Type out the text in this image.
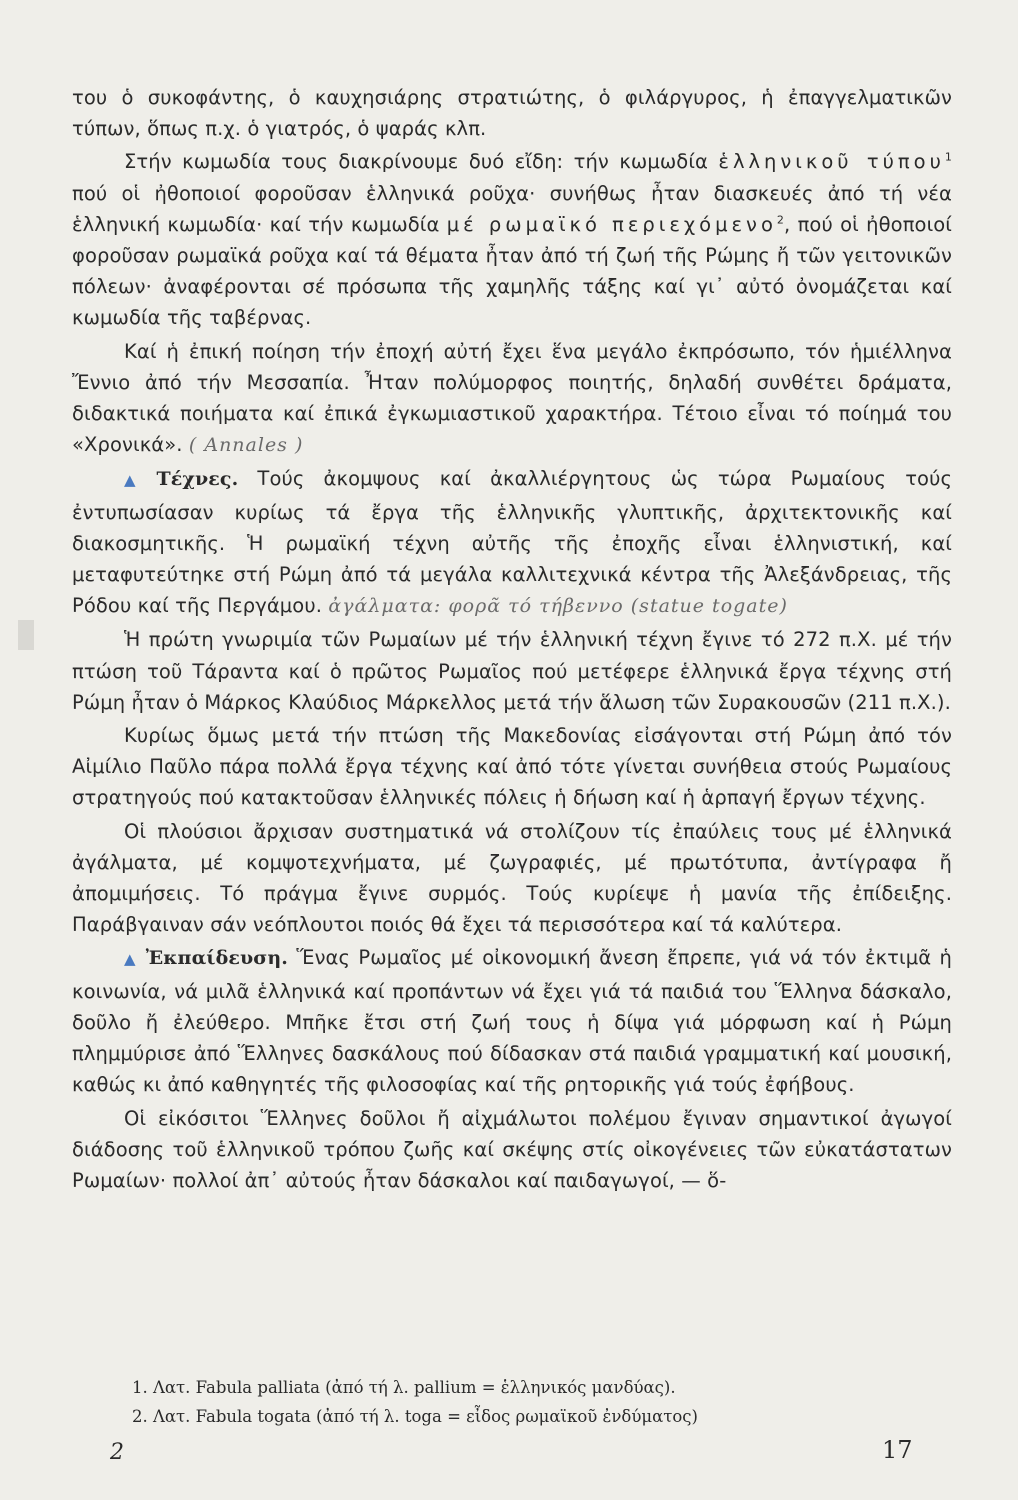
του ὁ συκοφάντης, ὁ καυχησιάρης στρατιώτης, ὁ φιλάργυρος, ἡ ἐπαγγελματικῶν τύπων, ὅπως π.χ. ὁ γιατρός, ὁ ψαράς κλπ.

Στήν κωμωδία τους διακρίνουμε δυό εἴδη: τήν κωμωδία ἑλληνικοῦ τύπου$^1$ πού οἱ ἠθοποιοί φοροῦσαν ἑλληνικά ροῦχα· συνήθως ἦταν διασκευές ἀπό τή νέα ἑλληνική κωμωδία· καί τήν κωμωδία μέ ρωμαϊκό περιεχόμενο$^2$, πού οἱ ἠθοποιοί φοροῦσαν ρωμαϊκά ροῦχα καί τά θέματα ἦταν ἀπό τή ζωή τῆς Ρώμης ἤ τῶν γειτονικῶν πόλεων· ἀναφέρονται σέ πρόσωπα τῆς χαμηλῆς τάξης καί γι᾽ αὐτό ὀνομάζεται καί κωμωδία τῆς ταβέρνας.

Καί ἡ ἐπική ποίηση τήν ἐποχή αὐτή ἔχει ἕνα μεγάλο ἐκπρόσωπο, τόν ἡμιέλληνα Ἔννιο ἀπό τήν Μεσσαπία. Ἦταν πολύμορφος ποιητής, δηλαδή συνθέτει δράματα, διδακτικά ποιήματα καί ἐπικά ἐγκωμιαστικοῦ χαρακτήρα. Τέτοιο εἶναι τό ποίημά του «Χρονικά». ( Annales )

▲ Τέχνες. Τούς ἀκομψους καί ἀκαλλιέργητους ὡς τώρα Ρωμαίους τούς ἐντυπωσίασαν κυρίως τά ἔργα τῆς ἑλληνικῆς γλυπτικῆς, ἀρχιτεκτονικῆς καί διακοσμητικῆς. Ἡ ρωμαϊκή τέχνη αὐτῆς τῆς ἐποχῆς εἶναι ἑλληνιστική, καί μεταφυτεύτηκε στή Ρώμη ἀπό τά μεγάλα καλλιτεχνικά κέντρα τῆς Ἀλεξάνδρειας, τῆς Ρόδου καί τῆς Περγάμου. ἀγάλματα: φορᾶ τό τήβεννο (statue togate)

Ἡ πρώτη γνωριμία τῶν Ρωμαίων μέ τήν ἑλληνική τέχνη ἔγινε τό 272 π.Χ. μέ τήν πτώση τοῦ Τάραντα καί ὁ πρῶτος Ρωμαῖος πού μετέφερε ἑλληνικά ἔργα τέχνης στή Ρώμη ἦταν ὁ Μάρκος Κλαύδιος Μάρκελλος μετά τήν ἅλωση τῶν Συρακουσῶν (211 π.Χ.).

Κυρίως ὅμως μετά τήν πτώση τῆς Μακεδονίας εἰσάγονται στή Ρώμη ἀπό τόν Αἰμίλιο Παῦλο πάρα πολλά ἔργα τέχνης καί ἀπό τότε γίνεται συνήθεια στούς Ρωμαίους στρατηγούς πού κατακτοῦσαν ἑλληνικές πόλεις ἡ δήωση καί ἡ ἁρπαγή ἔργων τέχνης.

Οἱ πλούσιοι ἄρχισαν συστηματικά νά στολίζουν τίς ἐπαύλεις τους μέ ἑλληνικά ἀγάλματα, μέ κομψοτεχνήματα, μέ ζωγραφιές, μέ πρωτότυπα, ἀντίγραφα ἤ ἀπομιμήσεις. Τό πράγμα ἔγινε συρμός. Τούς κυρίεψε ἡ μανία τῆς ἐπίδειξης. Παράβγαιναν σάν νεόπλουτοι ποιός θά ἔχει τά περισσότερα καί τά καλύτερα.

▲ Ἐκπαίδευση. Ἕνας Ρωμαῖος μέ οἰκονομική ἄνεση ἔπρεπε, γιά νά τόν ἐκτιμᾶ ἡ κοινωνία, νά μιλᾶ ἑλληνικά καί προπάντων νά ἔχει γιά τά παιδιά του Ἕλληνα δάσκαλο, δοῦλο ἤ ἐλεύθερο. Μπῆκε ἔτσι στή ζωή τους ἡ δίψα γιά μόρφωση καί ἡ Ρώμη πλημμύρισε ἀπό Ἕλληνες δασκάλους πού δίδασκαν στά παιδιά γραμματική καί μουσική, καθώς κι ἀπό καθηγητές τῆς φιλοσοφίας καί τῆς ρητορικῆς γιά τούς ἐφήβους.

Οἱ εἰκόσιτοι Ἕλληνες δοῦλοι ἤ αἰχμάλωτοι πολέμου ἔγιναν σημαντικοί ἀγωγοί διάδοσης τοῦ ἑλληνικοῦ τρόπου ζωῆς καί σκέψης στίς οἰκογένειες τῶν εὐκατάστατων Ρωμαίων· πολλοί ἀπ᾽ αὐτούς ἦταν δάσκαλοι καί παιδαγωγοί, — ὅ-

1. Λατ. Fabula palliata (ἀπό τή λ. pallium = ἑλληνικός μανδύας).

2. Λατ. Fabula togata (ἀπό τή λ. toga = εἶδος ρωμαϊκοῦ ἐνδύματος)

2	17
